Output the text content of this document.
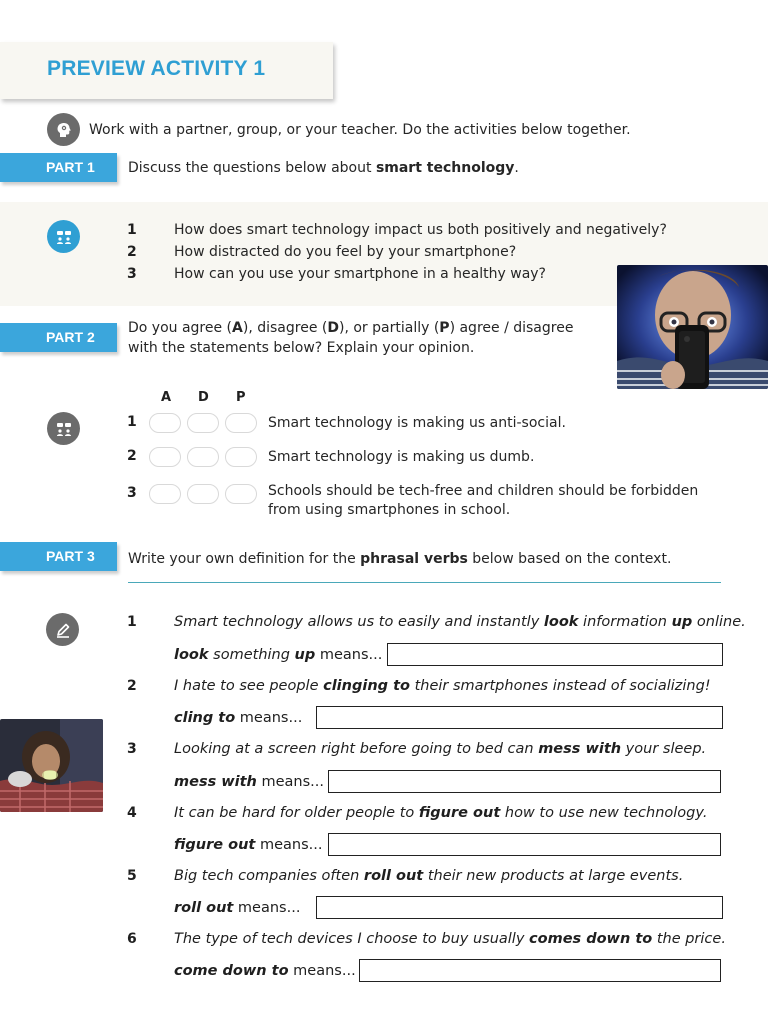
PREVIEW ACTIVITY 1
Work with a partner, group, or your teacher. Do the activities below together.
PART 1	Discuss the questions below about smart technology.
1	How does smart technology impact us both positively and negatively?
2	How distracted do you feel by your smartphone?
3	How can you use your smartphone in a healthy way?
PART 2
Do you agree (A), disagree (D), or partially (P) agree / disagree
with the statements below? Explain your opinion.
A D P
1	Smart technology is making us anti-social.
2	Smart technology is making us dumb.
3	Schools should be tech-free and children should be forbidden
from using smartphones in school.
PART 3	Write your own definition for the phrasal verbs below based on the context.
1	Smart technology allows us to easily and instantly look information up online.
look something up means...
2	I hate to see people clinging to their smartphones instead of socializing!
cling to means...
3	Looking at a screen right before going to bed can mess with your sleep.
mess with means...
4	It can be hard for older people to figure out how to use new technology.
figure out means...
5	Big tech companies often roll out their new products at large events.
roll out means...
6	The type of tech devices I choose to buy usually comes down to the price.
come down to means...
